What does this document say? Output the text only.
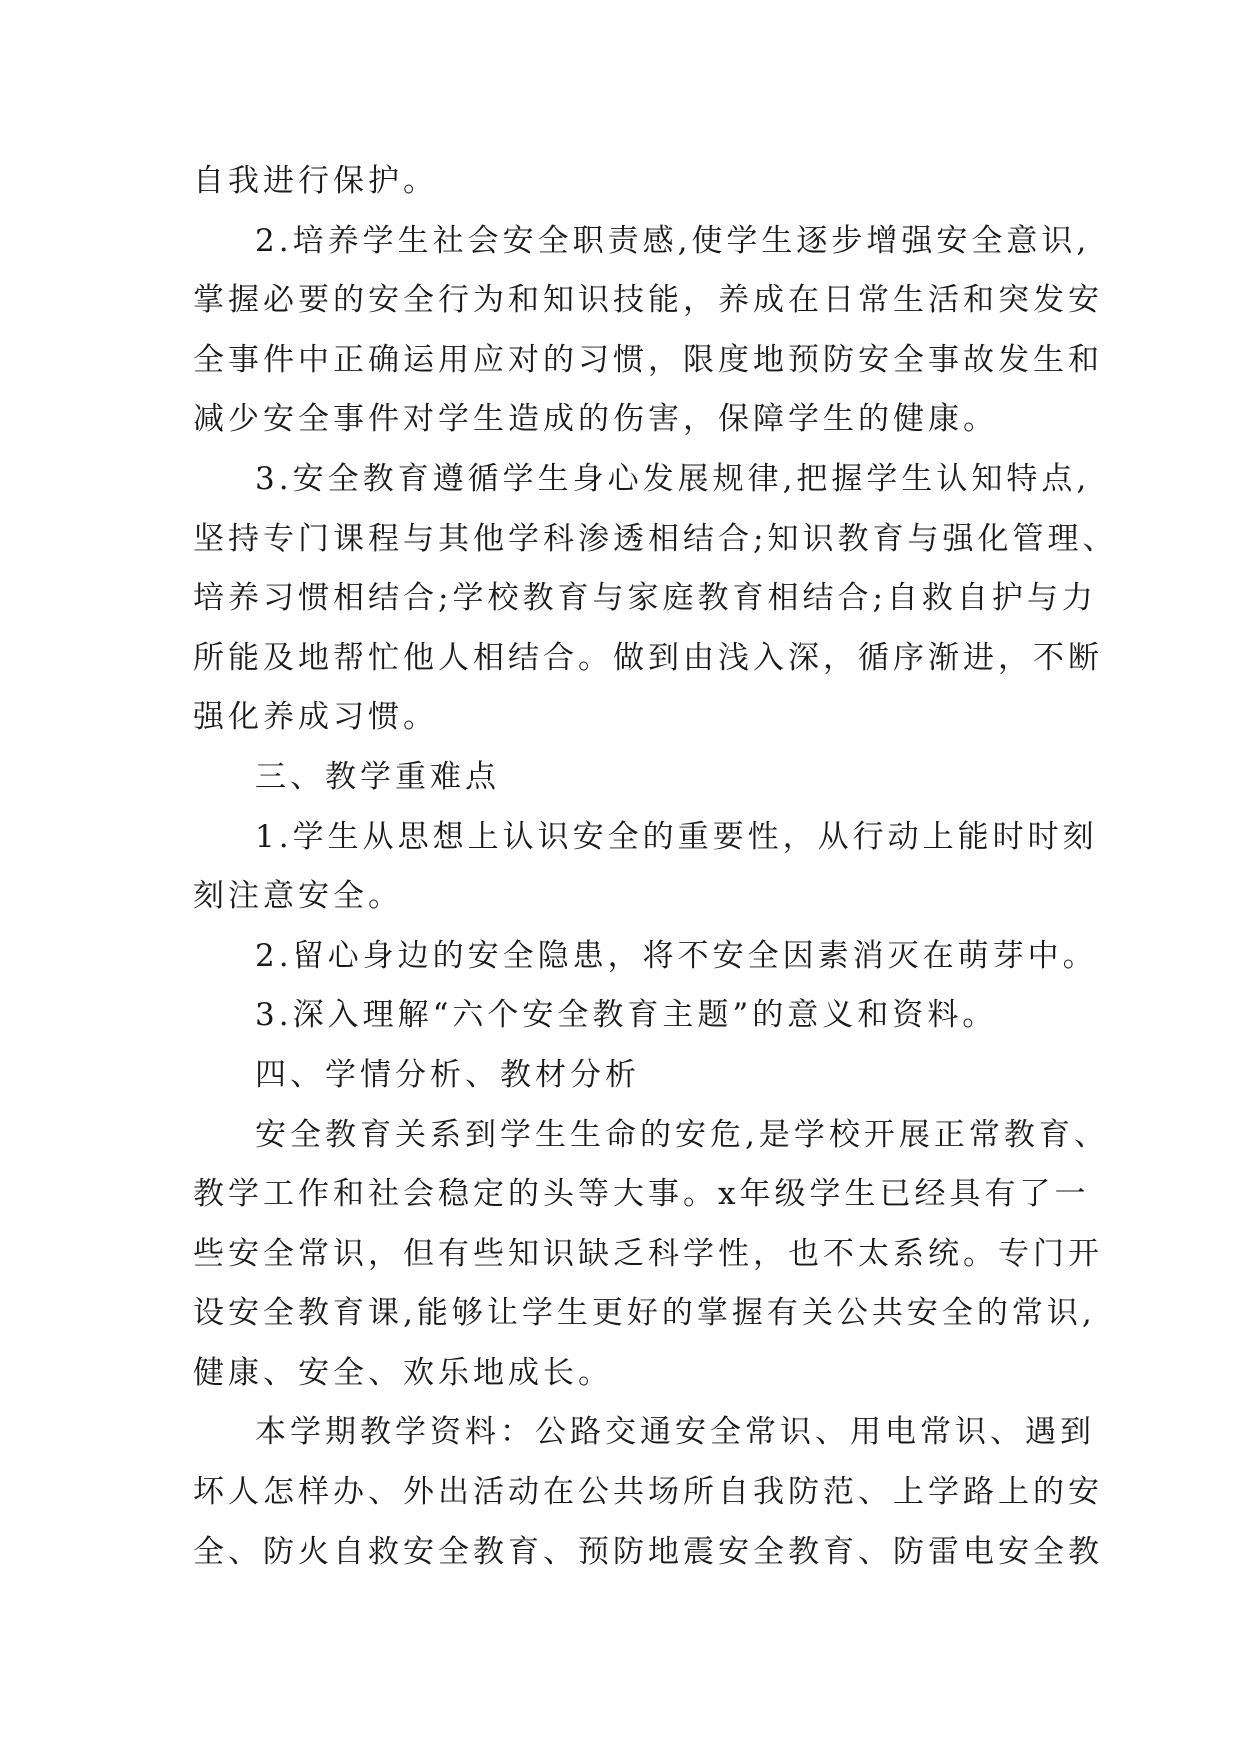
自我进行保护。
2.培养学生社会安全职责感,使学生逐步增强安全意识,
掌握必要的安全行为和知识技能，养成在日常生活和突发安
全事件中正确运用应对的习惯，限度地预防安全事故发生和
减少安全事件对学生造成的伤害，保障学生的健康。
3.安全教育遵循学生身心发展规律,把握学生认知特点,
坚持专门课程与其他学科渗透相结合;知识教育与强化管理、
培养习惯相结合;学校教育与家庭教育相结合;自救自护与力
所能及地帮忙他人相结合。做到由浅入深，循序渐进，不断
强化养成习惯。
三、教学重难点
1.学生从思想上认识安全的重要性，从行动上能时时刻
刻注意安全。
2.留心身边的安全隐患，将不安全因素消灭在萌芽中。
3.深入理解“六个安全教育主题”的意义和资料。
四、学情分析、教材分析
安全教育关系到学生生命的安危,是学校开展正常教育、
教学工作和社会稳定的头等大事。x年级学生已经具有了一
些安全常识，但有些知识缺乏科学性，也不太系统。专门开
设安全教育课,能够让学生更好的掌握有关公共安全的常识,
健康、安全、欢乐地成长。
本学期教学资料：公路交通安全常识、用电常识、遇到
坏人怎样办、外出活动在公共场所自我防范、上学路上的安
全、防火自救安全教育、预防地震安全教育、防雷电安全教
